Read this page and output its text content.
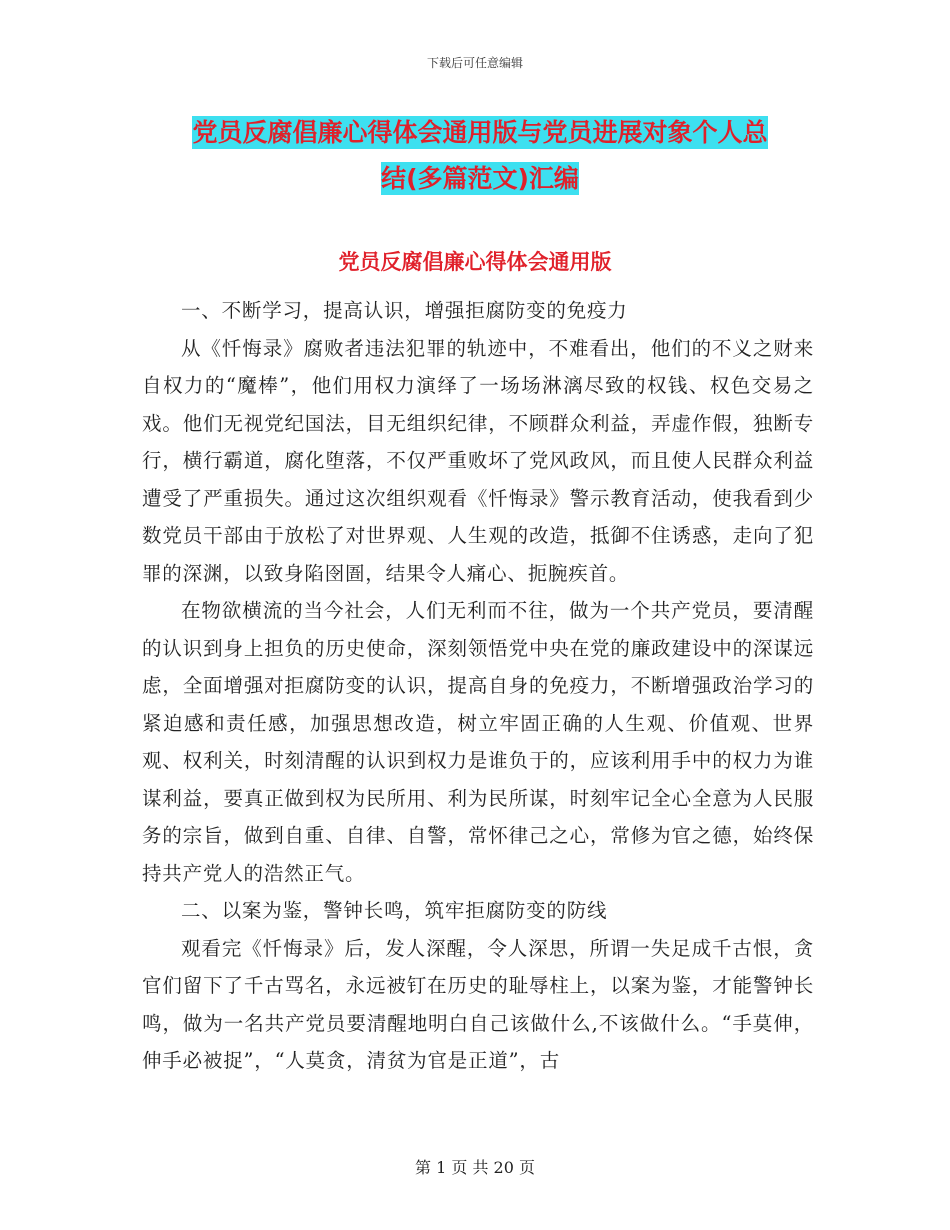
下载后可任意编辑
党员反腐倡廉心得体会通用版与党员进展对象个人总
结(多篇范文)汇编
党员反腐倡廉心得体会通用版

一、不断学习，提高认识，增强拒腐防变的免疫力

从《忏悔录》腐败者违法犯罪的轨迹中，不难看出，他们的不义之财来自权力的“魔棒”，他们用权力演绎了一场场淋漓尽致的权钱、权色交易之戏。他们无视党纪国法，目无组织纪律，不顾群众利益，弄虚作假，独断专行，横行霸道，腐化堕落，不仅严重败坏了党风政风，而且使人民群众利益遭受了严重损失。通过这次组织观看《忏悔录》警示教育活动，使我看到少数党员干部由于放松了对世界观、人生观的改造，抵御不住诱惑，走向了犯罪的深渊，以致身陷囹圄，结果令人痛心、扼腕疾首。

在物欲横流的当今社会，人们无利而不往，做为一个共产党员，要清醒的认识到身上担负的历史使命，深刻领悟党中央在党的廉政建设中的深谋远虑，全面增强对拒腐防变的认识，提高自身的免疫力，不断增强政治学习的紧迫感和责任感，加强思想改造，树立牢固正确的人生观、价值观、世界观、权利关，时刻清醒的认识到权力是谁负于的，应该利用手中的权力为谁谋利益，要真正做到权为民所用、利为民所谋，时刻牢记全心全意为人民服务的宗旨，做到自重、自律、自警，常怀律己之心，常修为官之德，始终保持共产党人的浩然正气。

二、以案为鉴，警钟长鸣，筑牢拒腐防变的防线

观看完《忏悔录》后，发人深醒，令人深思，所谓一失足成千古恨，贪官们留下了千古骂名，永远被钉在历史的耻辱柱上，以案为鉴，才能警钟长鸣，做为一名共产党员要清醒地明白自己该做什么,不该做什么。“手莫伸，伸手必被捉”，“人莫贪，清贫为官是正道”，古

第 1 页 共 20 页
